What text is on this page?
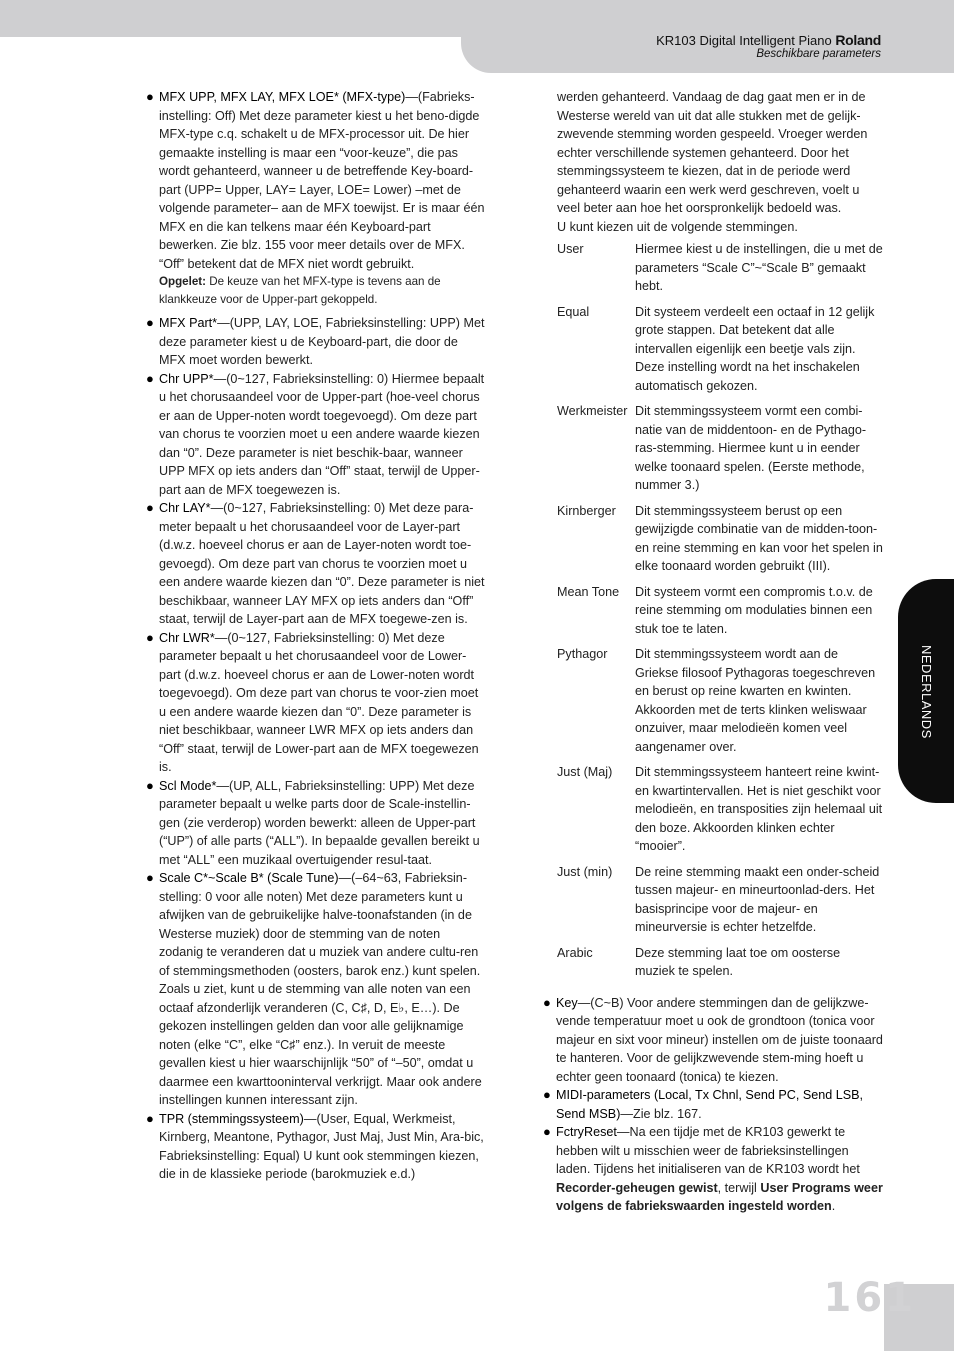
KR103 Digital Intelligent Piano Roland
Beschikbare parameters
NEDERLANDS
161

● MFX UPP, MFX LAY, MFX LOE* (MFX-type)—(Fabrieks-instelling: Off) Met deze parameter kiest u het beno-digde MFX-type c.q. schakelt u de MFX-processor uit. De hier gemaakte instelling is maar een “voor-keuze”, die pas wordt gehanteerd, wanneer u de betreffende Key-board-part (UPP= Upper, LAY= Layer, LOE= Lower) –met de volgende parameter– aan de MFX toewijst. Er is maar één MFX en die kan telkens maar één Keyboard-part bewerken. Zie blz. 155 voor meer details over de MFX. “Off” betekent dat de MFX niet wordt gebruikt.

Opgelet: De keuze van het MFX-type is tevens aan de klankkeuze voor de Upper-part gekoppeld.

● MFX Part*—(UPP, LAY, LOE, Fabrieksinstelling: UPP) Met deze parameter kiest u de Keyboard-part, die door de MFX moet worden bewerkt.

● Chr UPP*—(0~127, Fabrieksinstelling: 0) Hiermee bepaalt u het chorusaandeel voor de Upper-part (hoe-veel chorus er aan de Upper-noten wordt toegevoegd). Om deze part van chorus te voorzien moet u een andere waarde kiezen dan “0”. Deze parameter is niet beschik-baar, wanneer UPP MFX op iets anders dan “Off” staat, terwijl de Upper-part aan de MFX toegewezen is.

● Chr LAY*—(0~127, Fabrieksinstelling: 0) Met deze para-meter bepaalt u het chorusaandeel voor de Layer-part (d.w.z. hoeveel chorus er aan de Layer-noten wordt toe-gevoegd). Om deze part van chorus te voorzien moet u een andere waarde kiezen dan “0”. Deze parameter is niet beschikbaar, wanneer LAY MFX op iets anders dan “Off” staat, terwijl de Layer-part aan de MFX toegewe-zen is.

● Chr LWR*—(0~127, Fabrieksinstelling: 0) Met deze parameter bepaalt u het chorusaandeel voor de Lower-part (d.w.z. hoeveel chorus er aan de Lower-noten wordt toegevoegd). Om deze part van chorus te voor-zien moet u een andere waarde kiezen dan “0”. Deze parameter is niet beschikbaar, wanneer LWR MFX op iets anders dan “Off” staat, terwijl de Lower-part aan de MFX toegewezen is.

● Scl Mode*—(UP, ALL, Fabrieksinstelling: UPP) Met deze parameter bepaalt u welke parts door de Scale-instellin-gen (zie verderop) worden bewerkt: alleen de Upper-part (“UP”) of alle parts (“ALL”). In bepaalde gevallen bereikt u met “ALL” een muzikaal overtuigender resul-taat.

● Scale C*~Scale B* (Scale Tune)—(–64~63, Fabrieksin-stelling: 0 voor alle noten) Met deze parameters kunt u afwijken van de gebruikelijke halve-toonafstanden (in de Westerse muziek) door de stemming van de noten zodanig te veranderen dat u muziek van andere cultu-ren of stemmingsmethoden (oosters, barok enz.) kunt spelen.

Zoals u ziet, kunt u de stemming van alle noten van een octaaf afzonderlijk veranderen (C, C♯, D, E♭, E…). De gekozen instellingen gelden dan voor alle gelijknamige noten (elke “C”, elke “C♯” enz.). In veruit de meeste gevallen kiest u hier waarschijnlijk “50” of “–50”, omdat u daarmee een kwarttooninterval verkrijgt. Maar ook andere instellingen kunnen interessant zijn.

● TPR (stemmingssysteem)—(User, Equal, Werkmeist, Kirnberg, Meantone, Pythagor, Just Maj, Just Min, Ara-bic, Fabrieksinstelling: Equal) U kunt ook stemmingen kiezen, die in de klassieke periode (barokmuziek e.d.)

werden gehanteerd. Vandaag de dag gaat men er in de Westerse wereld van uit dat alle stukken met de gelijk-zwevende stemming worden gespeeld. Vroeger werden echter verschillende systemen gehanteerd. Door het stemmingssysteem te kiezen, dat in de periode werd gehanteerd waarin een werk werd geschreven, voelt u veel beter aan hoe het oorspronkelijk bedoeld was.

U kunt kiezen uit de volgende stemmingen.

User	Hiermee kiest u de instellingen, die u met de parameters “Scale C”~“Scale B” gemaakt hebt.
Equal	Dit systeem verdeelt een octaaf in 12 gelijk grote stappen. Dat betekent dat alle intervallen eigenlijk een beetje vals zijn. Deze instelling wordt na het inschakelen automatisch gekozen.
Werkmeister Dit stemmingssysteem vormt een combi-natie van de middentoon- en de Pythago-ras-stemming. Hiermee kunt u in eender welke toonaard spelen. (Eerste methode, nummer 3.)
Kirnberger	Dit stemmingssysteem berust op een gewijzigde combinatie van de midden-toon- en reine stemming en kan voor het spelen in elke toonaard worden gebruikt (III).
Mean Tone	Dit systeem vormt een compromis t.o.v. de reine stemming om modulaties binnen een stuk toe te laten.
Pythagor	Dit stemmingssysteem wordt aan de Griekse filosoof Pythagoras toegeschreven en berust op reine kwarten en kwinten. Akkoorden met de terts klinken weliswaar onzuiver, maar melodieën komen veel aangenamer over.
Just (Maj)	Dit stemmingssysteem hanteert reine kwint- en kwartintervallen. Het is niet geschikt voor melodieën, en transposities zijn helemaal uit den boze. Akkoorden klinken echter “mooier”.
Just (min)	De reine stemming maakt een onder-scheid tussen majeur- en mineurtoonlad-ders. Het basisprincipe voor de majeur- en mineurversie is echter hetzelfde.
Arabic	Deze stemming laat toe om oosterse muziek te spelen.

● Key—(C~B) Voor andere stemmingen dan de gelijkzwe-vende temperatuur moet u ook de grondtoon (tonica voor majeur en sixt voor mineur) instellen om de juiste toonaard te hanteren. Voor de gelijkzwevende stem-ming hoeft u echter geen toonaard (tonica) te kiezen.

● MIDI-parameters (Local, Tx Chnl, Send PC, Send LSB, Send MSB)—Zie blz. 167.

● FctryReset—Na een tijdje met de KR103 gewerkt te hebben wilt u misschien weer de fabrieksinstellingen laden. Tijdens het initialiseren van de KR103 wordt het Recorder-geheugen gewist, terwijl User Programs weer volgens de fabriekswaarden ingesteld worden.
